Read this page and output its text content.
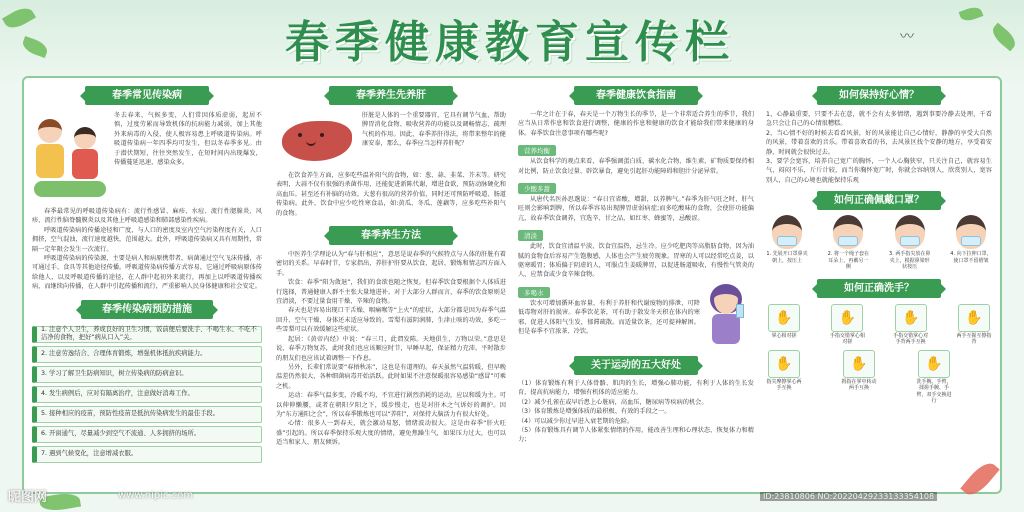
〰
春季健康教育宣传栏
春季常见传染病
冬去春来，气候多变，人们常因体质虚弱，起居不慎，过度劳累而导致机体的抗病能力减弱，加上其他外来病毒的入侵，使人极容易患上呼吸道传染病。呼吸道传染病一年四季均可发生，但以冬春季多见。由于潜伏期短，往往突然发生，在短时间内出现爆发，传播蔓延迅速，感染众多。
春季最常见的呼吸道传染病有：流行性感冒、麻疹、水痘、流行性腮腺炎、风疹、流行性脑脊髓膜炎以及其他上呼吸道感染和肺部感染性疾病。
呼吸道传染病的传播途径和广度，与人口的密度及室内空气污染程度有关，人口拥挤，空气混浊，流行速度越快，范围越大。此外，呼吸道传染病又具有周期性，常隔一定年限会发生一次流行。
呼吸道传染病的传染源，主要是病人和病原携带者，病菌通过空气飞沫传播，亦可通过手、食具等其他途径传播。呼吸道传染病传播方式容易，它通过呼吸病原体传给他人，以及呼吸道传播的途径，在人群中起初外来流行，再加上以呼吸道传播疾病，而继续向传播，在人群中引起传播和流行，严重影响人民身体健康和社会安定。
春季传染病预防措施
1. 注意个人卫生，养成良好的卫生习惯，饭前便后要洗手、不喝生水、不吃不洁净的食物，把好“病从口入”关。
2. 注意劳逸结合、合理体育锻炼，增强机体抵抗疾病能力。
3. 学习了解卫生防病知识，树立传染病的防病意识。
4. 发生病例后，应对有隔离治疗，注意做好消毒工作。
5. 接种相应的疫苗，预防性疫苗是抵抗传染病发生的最佳手段。
6. 开窗通气，尽量减少到空气不流通、人多拥挤的场所。
7. 遇到气候变化，注意增减衣服。
春季养生先养肝
肝脏是人体的一个重要器官，它具有调节气血，帮助脾胃消化食物、吸收营养的功能以及调畅情志、疏理气机的作用。因此，春季养肝得法，将带来整年的健康安泰，那么，春季应当怎样养肝呢？
在饮食养生方面，应多吃些温补阳气的食物，如：葱、蒜、韭菜、芥末等。研究表明，大蒜不仅有很强的杀菌作用，还能促进新陈代谢，增进食欲，预防动脉硬化和高血压。甚至还有补脑的功效。大葱有很高的营养价值，同时还可预防呼吸道、肠道传染病。此外，饮食中应少吃性寒食品，如:黄瓜、冬瓜、莲藕等，应多吃些补阳气的食物。
春季养生方法
中医养生学理论认为“春与肝相应”，意思是说春季的气候特点与人体的肝脏有着密切的关系。早春时节，专家指出，养肝护肝要从饮食、起居、锻炼和情志四方面入手。
饮食：春季“阳为敛退”，我们的食欲也随之恢复。但春季饮食要根据个人体质进行选择，普通健康人群不主张大量地进补。对于大部分人群而言，春季的饮食原则是宜清淡，不要过量食用干燥、辛辣的食物。
春天也是容易出现口干舌燥、咽痛喉等“上火”的症状，大部分都是因为春季气温回升、空气干燥，身体还未适应导致的。雪梨有滋阴润肺，生津止咳的功效，多吃一些雪梨可以有效缓解这些症状。
起居：《黄帝内经》中说：“春三月，此谓发陈。天地俱生，万物以荣。”意思是说，春季万物复苏，此时我们也应该顺应时节，早睡早起，保证精力充沛。平时散步的朋友们也应该试着调整一下作息。
另外，长辈们常说要“春捂秋冻”，这也是有道理的。春天虽然气温转暖，但早晚温差仍然很大，各种细菌病毒开始活跃。此时如果不注意保暖很容易感染“感冒”可乘之机。
运动：春季气温多变，冷暖不均，不宜进行剧烈消耗的运动，应以和缓为主。可以伸伸懒腰，或者在朝阳夕阳之下，缓步慢走，也是对肝木之气诉好的调护。因为“东方通阳之会”，所以春季锻炼也可以“养阳”，对保持大脑活力有很大好处。
心情：很多人一到春天，就会激动易怒，情绪波动很大。这是由春季“肝火旺盛”引起的。所以春季保持乐观大度的情绪，避免焦躁生气，如果压力过大，也可以适当和家人、朋友倾诉。
春季健康饮食指南
一年之计在于春，春天是一个万物生长的季节，是一个非常适合养生的季节，我们应当从日常作息和饮食进行调整，健康的作息和健康的饮食才能给我们带来健康的身体。春季饮食注意事项有哪些呢?
营养均衡
从饮食科学的观点来看，春季强调蛋白质、碳水化合物、维生素、矿物质要保持相对比例，防止饮食过量、辟饮暴食，避免引起肝功能障碍和胆汁分泌异常。
少酸多甜
从唐代名医孙思邈说：“春日宜省酸，增甜，以养脾气。”春季为肝气旺之时，肝气旺则会影响到脾，所以春季容易出现脾胃虚弱病症;而多吃酸味的食物，会使肝功能偏亢，故春季饮食调养，宜选辛、甘之品，如红枣、蜂蜜等，忌酸涩。
清淡
此时，饮食宜清温平淡，饮食宜温热，忌生冷。应少吃肥肉等高脂肪食物，因为油腻的食物食后容易产生饱腹感，人体也会产生疲劳现象。胃寒的人可以经常吃点姜，以驱寒暖胃；体质偏于阴虚的人，可服点生姜暖脾胃，以促进肠道吸收，有慢性气管炎的人，应禁食或少食辛辣食物。
多喝水
饮水可增加循环血容量，有利于养肝和代谢废物的排泄，可降低毒物对肝的损害。春季饮花茶，可有助于散发冬天积在体内的寒邪，促进人体阳气生发，郁滞疏散。而适量饮茶，还可提神解困。但是春季不宜浓茶、冷饮。
关于运动的五大好处
（1）体育锻炼有利于人体骨骼、肌肉的生长，增强心肺功能，有利于人体的生长发育，提高抗病能力，增强有机体的适应能力。
（2）减少孔雀在或早后患上心脏病，高血压，糖尿病等疾病的机会。
（3）体育锻炼是增强体质的最积极、有效的手段之一。
（4）可以减少你过早进入衰老期的危险。
（5）体育锻炼具有调节人体紧张情绪的作用，能改善生理和心理状态，恢复体力和精力；
如何保持好心情？
1、心静最重要，只要不去在意，就不会有太多情绪，遇到事要冷静去处理，千看急只会让自己的心情很糟糕。
2、当心情不好的时候去看看风景，好的风景能让自己心情好，静静的享受大自然的风景，带着喜欢的音乐。带着喜欢看的书，去风景区找个安静的地方，享受着安静，时间就会很快过去。
3、要学会宽容，培养自己宽广的胸怀，一个人心胸狭窄，只关注自己，就容易生气，闷闷不乐，斤斤计较，而当你胸怀宽广时，你就会容纳别人，欣赏别人，宽容别人，自己的心境也就能保持乐观
如何正确佩戴口罩？
1. 先展开口罩鼻夹朝上，按压上
2. 将一个绳子套在耳朵上，再戴另一侧
3. 两手指尖放在鼻夹上，根据鼻梁形状按压
4. 向下拉伸口罩，使口罩不留褶皱
如何正确洗手？
✋
掌心相对搓
✋
手指交错掌心相对搓
✋
手指交错掌心对手背两手互换
✋
两手互握互擦指背
✋
指尖摩擦掌心两手互换
✋
拇指在掌中转动两手互换
✋
洗手腕、手臂，揉搓手腕、手臂，双手交换进行
昵图网	www.nipic.com	ID:23810806 NO:20220429233133354108
